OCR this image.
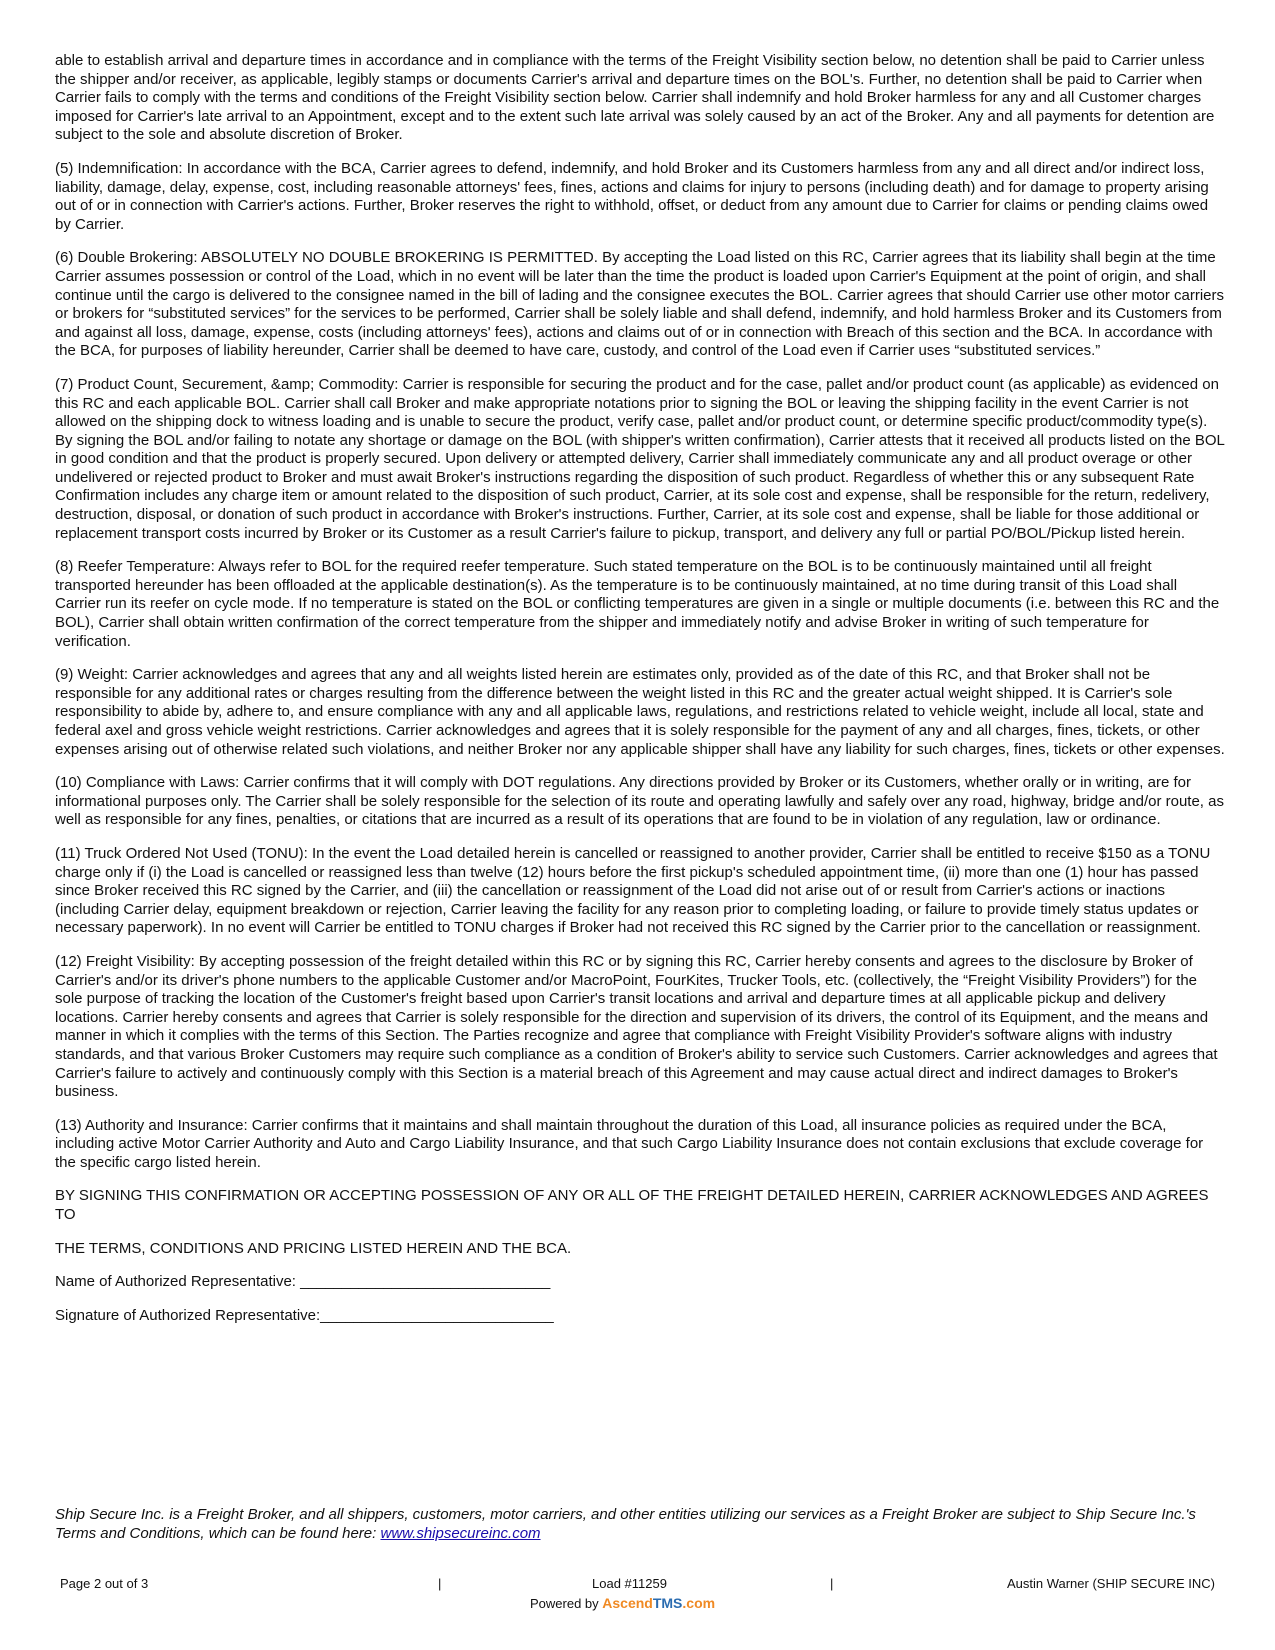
able to establish arrival and departure times in accordance and in compliance with the terms of the Freight Visibility section below, no detention shall be paid to Carrier unless the shipper and/or receiver, as applicable, legibly stamps or documents Carrier's arrival and departure times on the BOL's. Further, no detention shall be paid to Carrier when Carrier fails to comply with the terms and conditions of the Freight Visibility section below. Carrier shall indemnify and hold Broker harmless for any and all Customer charges imposed for Carrier's late arrival to an Appointment, except and to the extent such late arrival was solely caused by an act of the Broker. Any and all payments for detention are subject to the sole and absolute discretion of Broker.

(5) Indemnification: In accordance with the BCA, Carrier agrees to defend, indemnify, and hold Broker and its Customers harmless from any and all direct and/or indirect loss, liability, damage, delay, expense, cost, including reasonable attorneys' fees, fines, actions and claims for injury to persons (including death) and for damage to property arising out of or in connection with Carrier's actions. Further, Broker reserves the right to withhold, offset, or deduct from any amount due to Carrier for claims or pending claims owed by Carrier.

(6) Double Brokering: ABSOLUTELY NO DOUBLE BROKERING IS PERMITTED. By accepting the Load listed on this RC, Carrier agrees that its liability shall begin at the time Carrier assumes possession or control of the Load, which in no event will be later than the time the product is loaded upon Carrier's Equipment at the point of origin, and shall continue until the cargo is delivered to the consignee named in the bill of lading and the consignee executes the BOL. Carrier agrees that should Carrier use other motor carriers or brokers for “substituted services” for the services to be performed, Carrier shall be solely liable and shall defend, indemnify, and hold harmless Broker and its Customers from and against all loss, damage, expense, costs (including attorneys' fees), actions and claims out of or in connection with Breach of this section and the BCA. In accordance with the BCA, for purposes of liability hereunder, Carrier shall be deemed to have care, custody, and control of the Load even if Carrier uses “substituted services.”

(7) Product Count, Securement, &amp; Commodity: Carrier is responsible for securing the product and for the case, pallet and/or product count (as applicable) as evidenced on this RC and each applicable BOL. Carrier shall call Broker and make appropriate notations prior to signing the BOL or leaving the shipping facility in the event Carrier is not allowed on the shipping dock to witness loading and is unable to secure the product, verify case, pallet and/or product count, or determine specific product/commodity type(s). By signing the BOL and/or failing to notate any shortage or damage on the BOL (with shipper's written confirmation), Carrier attests that it received all products listed on the BOL in good condition and that the product is properly secured. Upon delivery or attempted delivery, Carrier shall immediately communicate any and all product overage or other undelivered or rejected product to Broker and must await Broker's instructions regarding the disposition of such product. Regardless of whether this or any subsequent Rate Confirmation includes any charge item or amount related to the disposition of such product, Carrier, at its sole cost and expense, shall be responsible for the return, redelivery, destruction, disposal, or donation of such product in accordance with Broker's instructions. Further, Carrier, at its sole cost and expense, shall be liable for those additional or replacement transport costs incurred by Broker or its Customer as a result Carrier's failure to pickup, transport, and delivery any full or partial PO/BOL/Pickup listed herein.

(8) Reefer Temperature: Always refer to BOL for the required reefer temperature. Such stated temperature on the BOL is to be continuously maintained until all freight transported hereunder has been offloaded at the applicable destination(s). As the temperature is to be continuously maintained, at no time during transit of this Load shall Carrier run its reefer on cycle mode. If no temperature is stated on the BOL or conflicting temperatures are given in a single or multiple documents (i.e. between this RC and the BOL), Carrier shall obtain written confirmation of the correct temperature from the shipper and immediately notify and advise Broker in writing of such temperature for verification.

(9) Weight: Carrier acknowledges and agrees that any and all weights listed herein are estimates only, provided as of the date of this RC, and that Broker shall not be responsible for any additional rates or charges resulting from the difference between the weight listed in this RC and the greater actual weight shipped. It is Carrier's sole responsibility to abide by, adhere to, and ensure compliance with any and all applicable laws, regulations, and restrictions related to vehicle weight, include all local, state and federal axel and gross vehicle weight restrictions. Carrier acknowledges and agrees that it is solely responsible for the payment of any and all charges, fines, tickets, or other expenses arising out of otherwise related such violations, and neither Broker nor any applicable shipper shall have any liability for such charges, fines, tickets or other expenses.

(10) Compliance with Laws: Carrier confirms that it will comply with DOT regulations. Any directions provided by Broker or its Customers, whether orally or in writing, are for informational purposes only. The Carrier shall be solely responsible for the selection of its route and operating lawfully and safely over any road, highway, bridge and/or route, as well as responsible for any fines, penalties, or citations that are incurred as a result of its operations that are found to be in violation of any regulation, law or ordinance.

(11) Truck Ordered Not Used (TONU): In the event the Load detailed herein is cancelled or reassigned to another provider, Carrier shall be entitled to receive $150 as a TONU charge only if (i) the Load is cancelled or reassigned less than twelve (12) hours before the first pickup's scheduled appointment time, (ii) more than one (1) hour has passed since Broker received this RC signed by the Carrier, and (iii) the cancellation or reassignment of the Load did not arise out of or result from Carrier's actions or inactions (including Carrier delay, equipment breakdown or rejection, Carrier leaving the facility for any reason prior to completing loading, or failure to provide timely status updates or necessary paperwork). In no event will Carrier be entitled to TONU charges if Broker had not received this RC signed by the Carrier prior to the cancellation or reassignment.

(12) Freight Visibility: By accepting possession of the freight detailed within this RC or by signing this RC, Carrier hereby consents and agrees to the disclosure by Broker of Carrier's and/or its driver's phone numbers to the applicable Customer and/or MacroPoint, FourKites, Trucker Tools, etc. (collectively, the “Freight Visibility Providers”) for the sole purpose of tracking the location of the Customer's freight based upon Carrier's transit locations and arrival and departure times at all applicable pickup and delivery locations. Carrier hereby consents and agrees that Carrier is solely responsible for the direction and supervision of its drivers, the control of its Equipment, and the means and manner in which it complies with the terms of this Section. The Parties recognize and agree that compliance with Freight Visibility Provider's software aligns with industry standards, and that various Broker Customers may require such compliance as a condition of Broker's ability to service such Customers. Carrier acknowledges and agrees that Carrier's failure to actively and continuously comply with this Section is a material breach of this Agreement and may cause actual direct and indirect damages to Broker's business.

(13) Authority and Insurance: Carrier confirms that it maintains and shall maintain throughout the duration of this Load, all insurance policies as required under the BCA, including active Motor Carrier Authority and Auto and Cargo Liability Insurance, and that such Cargo Liability Insurance does not contain exclusions that exclude coverage for the specific cargo listed herein.

BY SIGNING THIS CONFIRMATION OR ACCEPTING POSSESSION OF ANY OR ALL OF THE FREIGHT DETAILED HEREIN, CARRIER ACKNOWLEDGES AND AGREES TO

THE TERMS, CONDITIONS AND PRICING LISTED HEREIN AND THE BCA.

Name of Authorized Representative: ______________________________

Signature of Authorized Representative:____________________________

Ship Secure Inc. is a Freight Broker, and all shippers, customers, motor carriers, and other entities utilizing our services as a Freight Broker are subject to Ship Secure Inc.'s Terms and Conditions, which can be found here: www.shipsecureinc.com
Page 2 out of 3	|	Load #11259	|	Austin Warner (SHIP SECURE INC)
Powered by AscendTMS.com
